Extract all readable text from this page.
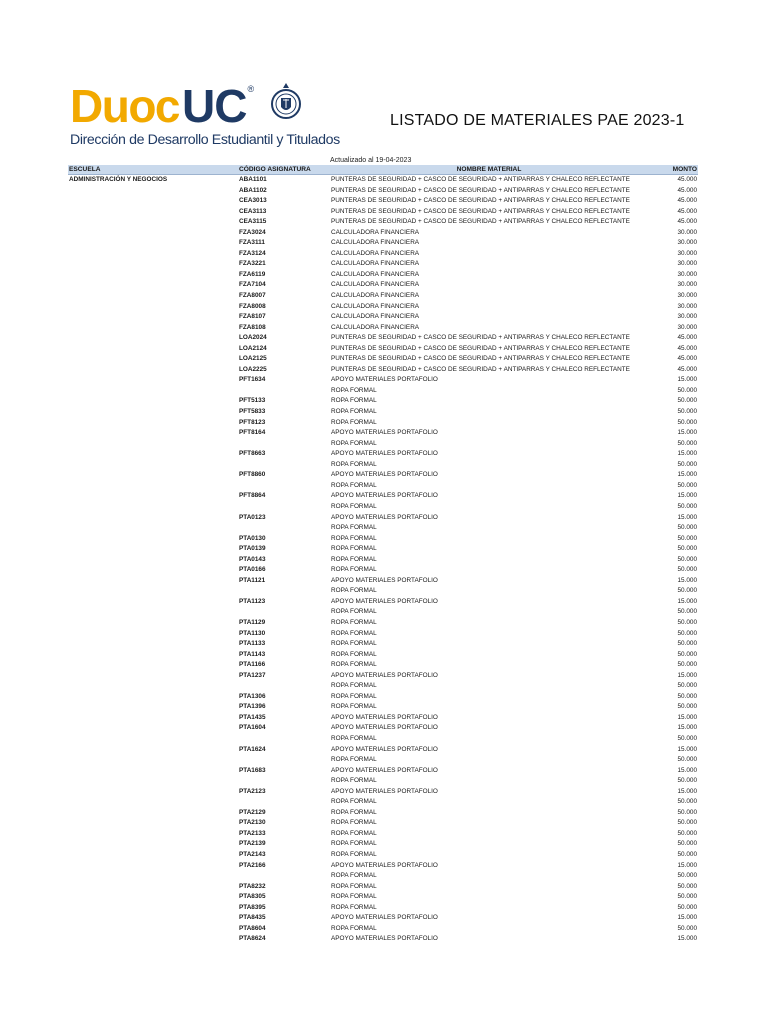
Duoc UC ®
Dirección de Desarrollo Estudiantil y Titulados
LISTADO DE MATERIALES PAE 2023-1
Actualizado al 19-04-2023
ESCUELA	CÓDIGO ASIGNATURA	NOMBRE MATERIAL	MONTO
ADMINISTRACIÓN Y NEGOCIOS	ABA1101	PUNTERAS DE SEGURIDAD + CASCO DE SEGURIDAD + ANTIPARRAS Y CHALECO REFLECTANTE	45.000
	ABA1102	PUNTERAS DE SEGURIDAD + CASCO DE SEGURIDAD + ANTIPARRAS Y CHALECO REFLECTANTE	45.000
	CEA3013	PUNTERAS DE SEGURIDAD + CASCO DE SEGURIDAD + ANTIPARRAS Y CHALECO REFLECTANTE	45.000
	CEA3113	PUNTERAS DE SEGURIDAD + CASCO DE SEGURIDAD + ANTIPARRAS Y CHALECO REFLECTANTE	45.000
	CEA3115	PUNTERAS DE SEGURIDAD + CASCO DE SEGURIDAD + ANTIPARRAS Y CHALECO REFLECTANTE	45.000
	FZA3024	CALCULADORA FINANCIERA	30.000
	FZA3111	CALCULADORA FINANCIERA	30.000
	FZA3124	CALCULADORA FINANCIERA	30.000
	FZA3221	CALCULADORA FINANCIERA	30.000
	FZA6119	CALCULADORA FINANCIERA	30.000
	FZA7104	CALCULADORA FINANCIERA	30.000
	FZA8007	CALCULADORA FINANCIERA	30.000
	FZA8008	CALCULADORA FINANCIERA	30.000
	FZA8107	CALCULADORA FINANCIERA	30.000
	FZA8108	CALCULADORA FINANCIERA	30.000
	LOA2024	PUNTERAS DE SEGURIDAD + CASCO DE SEGURIDAD + ANTIPARRAS Y CHALECO REFLECTANTE	45.000
	LOA2124	PUNTERAS DE SEGURIDAD + CASCO DE SEGURIDAD + ANTIPARRAS Y CHALECO REFLECTANTE	45.000
	LOA2125	PUNTERAS DE SEGURIDAD + CASCO DE SEGURIDAD + ANTIPARRAS Y CHALECO REFLECTANTE	45.000
	LOA2225	PUNTERAS DE SEGURIDAD + CASCO DE SEGURIDAD + ANTIPARRAS Y CHALECO REFLECTANTE	45.000
	PFT1634	APOYO MATERIALES PORTAFOLIO	15.000
		ROPA FORMAL	50.000
	PFT5133	ROPA FORMAL	50.000
	PFT5833	ROPA FORMAL	50.000
	PFT8123	ROPA FORMAL	50.000
	PFT8164	APOYO MATERIALES PORTAFOLIO	15.000
		ROPA FORMAL	50.000
	PFT8663	APOYO MATERIALES PORTAFOLIO	15.000
		ROPA FORMAL	50.000
	PFT8860	APOYO MATERIALES PORTAFOLIO	15.000
		ROPA FORMAL	50.000
	PFT8864	APOYO MATERIALES PORTAFOLIO	15.000
		ROPA FORMAL	50.000
	PTA0123	APOYO MATERIALES PORTAFOLIO	15.000
		ROPA FORMAL	50.000
	PTA0130	ROPA FORMAL	50.000
	PTA0139	ROPA FORMAL	50.000
	PTA0143	ROPA FORMAL	50.000
	PTA0166	ROPA FORMAL	50.000
	PTA1121	APOYO MATERIALES PORTAFOLIO	15.000
		ROPA FORMAL	50.000
	PTA1123	APOYO MATERIALES PORTAFOLIO	15.000
		ROPA FORMAL	50.000
	PTA1129	ROPA FORMAL	50.000
	PTA1130	ROPA FORMAL	50.000
	PTA1133	ROPA FORMAL	50.000
	PTA1143	ROPA FORMAL	50.000
	PTA1166	ROPA FORMAL	50.000
	PTA1237	APOYO MATERIALES PORTAFOLIO	15.000
		ROPA FORMAL	50.000
	PTA1306	ROPA FORMAL	50.000
	PTA1396	ROPA FORMAL	50.000
	PTA1435	APOYO MATERIALES PORTAFOLIO	15.000
	PTA1604	APOYO MATERIALES PORTAFOLIO	15.000
		ROPA FORMAL	50.000
	PTA1624	APOYO MATERIALES PORTAFOLIO	15.000
		ROPA FORMAL	50.000
	PTA1683	APOYO MATERIALES PORTAFOLIO	15.000
		ROPA FORMAL	50.000
	PTA2123	APOYO MATERIALES PORTAFOLIO	15.000
		ROPA FORMAL	50.000
	PTA2129	ROPA FORMAL	50.000
	PTA2130	ROPA FORMAL	50.000
	PTA2133	ROPA FORMAL	50.000
	PTA2139	ROPA FORMAL	50.000
	PTA2143	ROPA FORMAL	50.000
	PTA2166	APOYO MATERIALES PORTAFOLIO	15.000
		ROPA FORMAL	50.000
	PTA8232	ROPA FORMAL	50.000
	PTA8305	ROPA FORMAL	50.000
	PTA8395	ROPA FORMAL	50.000
	PTA8435	APOYO MATERIALES PORTAFOLIO	15.000
	PTA8604	ROPA FORMAL	50.000
	PTA8624	APOYO MATERIALES PORTAFOLIO	15.000
